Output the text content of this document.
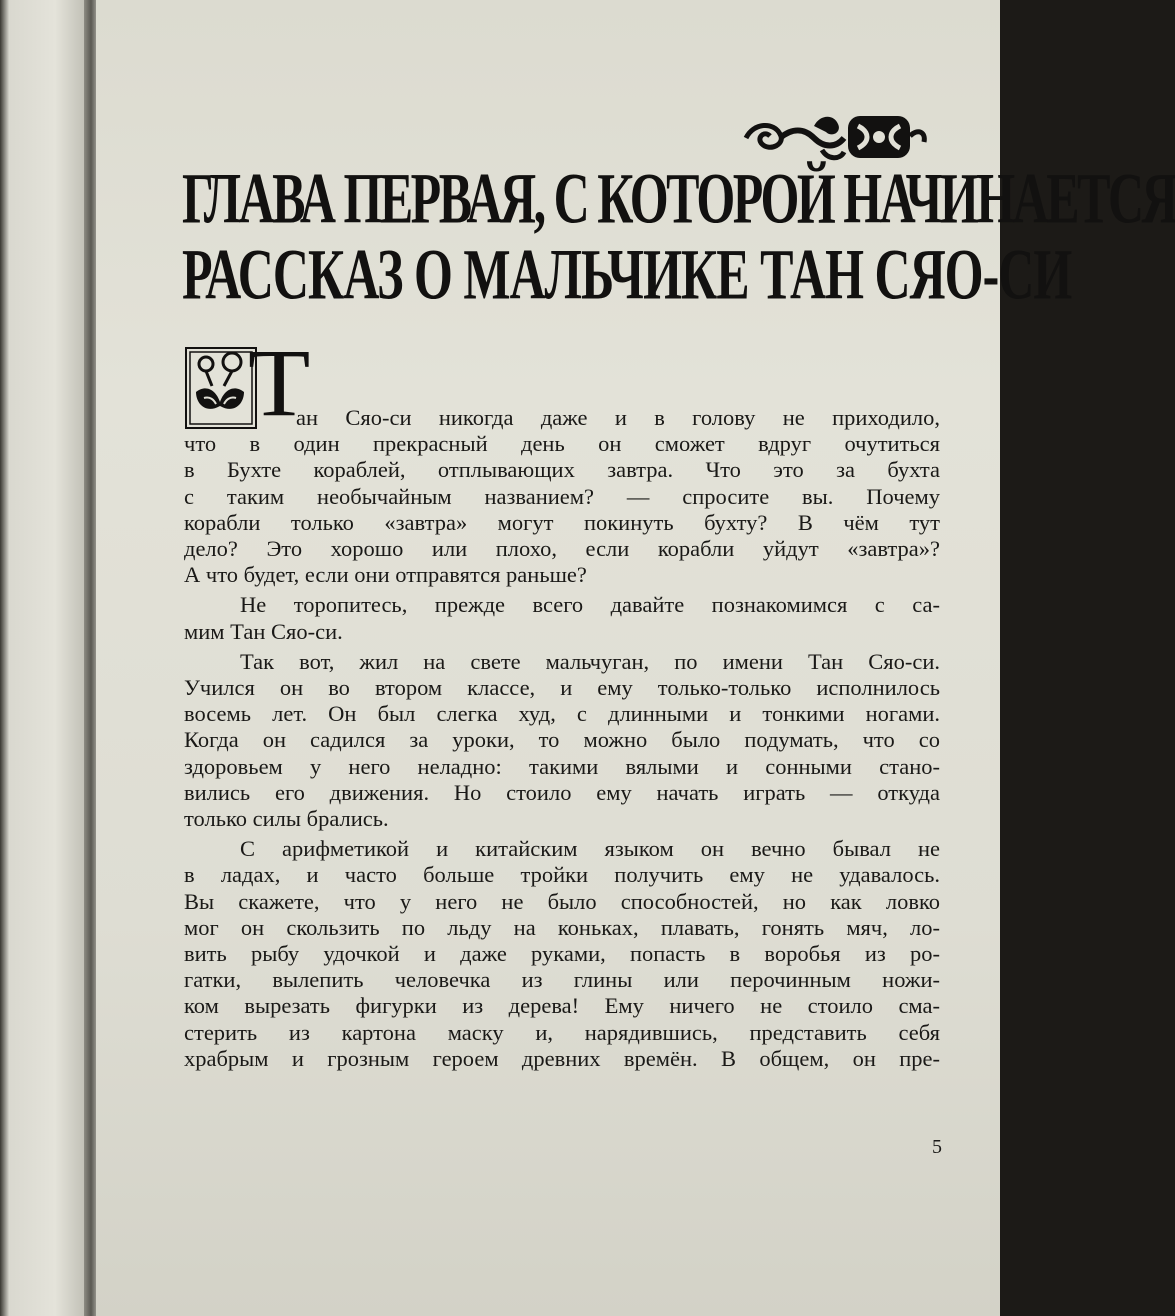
ГЛАВА ПЕРВАЯ, С КОТОРОЙ НАЧИНАЕТСЯ
РАССКАЗ О МАЛЬЧИКЕ ТАН СЯО-СИ
Т
ан Сяо-си никогда даже и в голову не приходило,
что в один прекрасный день он сможет вдруг очутиться
в Бухте кораблей, отплывающих завтра. Что это за бухта
с таким необычайным названием? — спросите вы. Почему
корабли только «завтра» могут покинуть бухту? В чём тут
дело? Это хорошо или плохо, если корабли уйдут «завтра»?
А что будет, если они отправятся раньше?
Не торопитесь, прежде всего давайте познакомимся с са-
мим Тан Сяо-си.
Так вот, жил на свете мальчуган, по имени Тан Сяо-си.
Учился он во втором классе, и ему только-только исполнилось
восемь лет. Он был слегка худ, с длинными и тонкими ногами.
Когда он садился за уроки, то можно было подумать, что со
здоровьем у него неладно: такими вялыми и сонными стано-
вились его движения. Но стоило ему начать играть — откуда
только силы брались.
С арифметикой и китайским языком он вечно бывал не
в ладах, и часто больше тройки получить ему не удавалось.
Вы скажете, что у него не было способностей, но как ловко
мог он скользить по льду на коньках, плавать, гонять мяч, ло-
вить рыбу удочкой и даже руками, попасть в воробья из ро-
гатки, вылепить человечка из глины или перочинным ножи-
ком вырезать фигурки из дерева! Ему ничего не стоило сма-
стерить из картона маску и, нарядившись, представить себя
храбрым и грозным героем древних времён. В общем, он пре-
5
